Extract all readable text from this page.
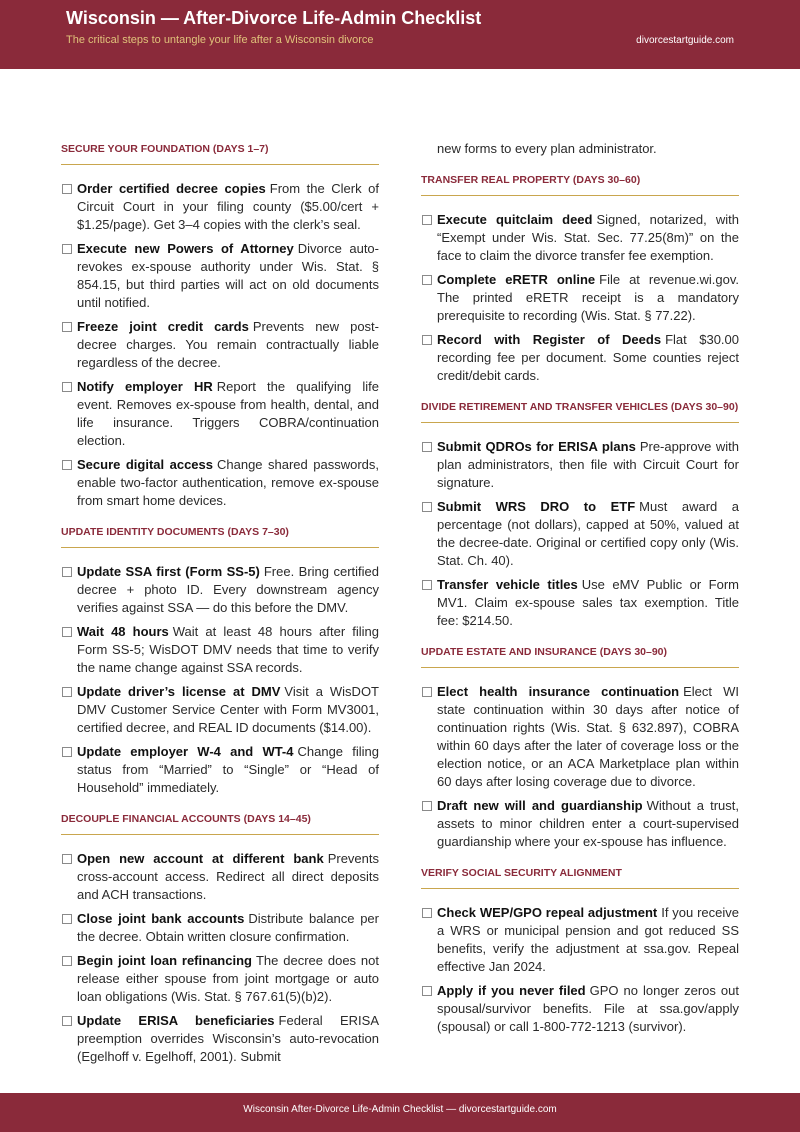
Wisconsin — After-Divorce Life-Admin Checklist
The critical steps to untangle your life after a Wisconsin divorce	divorcestartguide.com
SECURE YOUR FOUNDATION (DAYS 1–7)
Order certified decree copies From the Clerk of Circuit Court in your filing county ($5.00/cert + $1.25/page). Get 3–4 copies with the clerk’s seal.
Execute new Powers of Attorney Divorce auto-revokes ex-spouse authority under Wis. Stat. § 854.15, but third parties will act on old documents until notified.
Freeze joint credit cards Prevents new post-decree charges. You remain contractually liable regardless of the decree.
Notify employer HR Report the qualifying life event. Removes ex-spouse from health, dental, and life insurance. Triggers COBRA/continuation election.
Secure digital access Change shared passwords, enable two-factor authentication, remove ex-spouse from smart home devices.
UPDATE IDENTITY DOCUMENTS (DAYS 7–30)
Update SSA first (Form SS-5) Free. Bring certified decree + photo ID. Every downstream agency verifies against SSA — do this before the DMV.
Wait 48 hours Wait at least 48 hours after filing Form SS-5; WisDOT DMV needs that time to verify the name change against SSA records.
Update driver’s license at DMV Visit a WisDOT DMV Customer Service Center with Form MV3001, certified decree, and REAL ID documents ($14.00).
Update employer W-4 and WT-4 Change filing status from “Married” to “Single” or “Head of Household” immediately.
DECOUPLE FINANCIAL ACCOUNTS (DAYS 14–45)
Open new account at different bank Prevents cross-account access. Redirect all direct deposits and ACH transactions.
Close joint bank accounts Distribute balance per the decree. Obtain written closure confirmation.
Begin joint loan refinancing The decree does not release either spouse from joint mortgage or auto loan obligations (Wis. Stat. § 767.61(5)(b)2).
Update ERISA beneficiaries Federal ERISA preemption overrides Wisconsin’s auto-revocation (Egelhoff v. Egelhoff, 2001). Submit
new forms to every plan administrator.
TRANSFER REAL PROPERTY (DAYS 30–60)
Execute quitclaim deed Signed, notarized, with “Exempt under Wis. Stat. Sec. 77.25(8m)” on the face to claim the divorce transfer fee exemption.
Complete eRETR online File at revenue.wi.gov. The printed eRETR receipt is a mandatory prerequisite to recording (Wis. Stat. § 77.22).
Record with Register of Deeds Flat $30.00 recording fee per document. Some counties reject credit/debit cards.
DIVIDE RETIREMENT AND TRANSFER VEHICLES (DAYS 30–90)
Submit QDROs for ERISA plans Pre-approve with plan administrators, then file with Circuit Court for signature.
Submit WRS DRO to ETF Must award a percentage (not dollars), capped at 50%, valued at the decree-date. Original or certified copy only (Wis. Stat. Ch. 40).
Transfer vehicle titles Use eMV Public or Form MV1. Claim ex-spouse sales tax exemption. Title fee: $214.50.
UPDATE ESTATE AND INSURANCE (DAYS 30–90)
Elect health insurance continuation Elect WI state continuation within 30 days after notice of continuation rights (Wis. Stat. § 632.897), COBRA within 60 days after the later of coverage loss or the election notice, or an ACA Marketplace plan within 60 days after losing coverage due to divorce.
Draft new will and guardianship Without a trust, assets to minor children enter a court-supervised guardianship where your ex-spouse has influence.
VERIFY SOCIAL SECURITY ALIGNMENT
Check WEP/GPO repeal adjustment If you receive a WRS or municipal pension and got reduced SS benefits, verify the adjustment at ssa.gov. Repeal effective Jan 2024.
Apply if you never filed GPO no longer zeros out spousal/survivor benefits. File at ssa.gov/apply (spousal) or call 1-800-772-1213 (survivor).
Wisconsin After-Divorce Life-Admin Checklist — divorcestartguide.com
